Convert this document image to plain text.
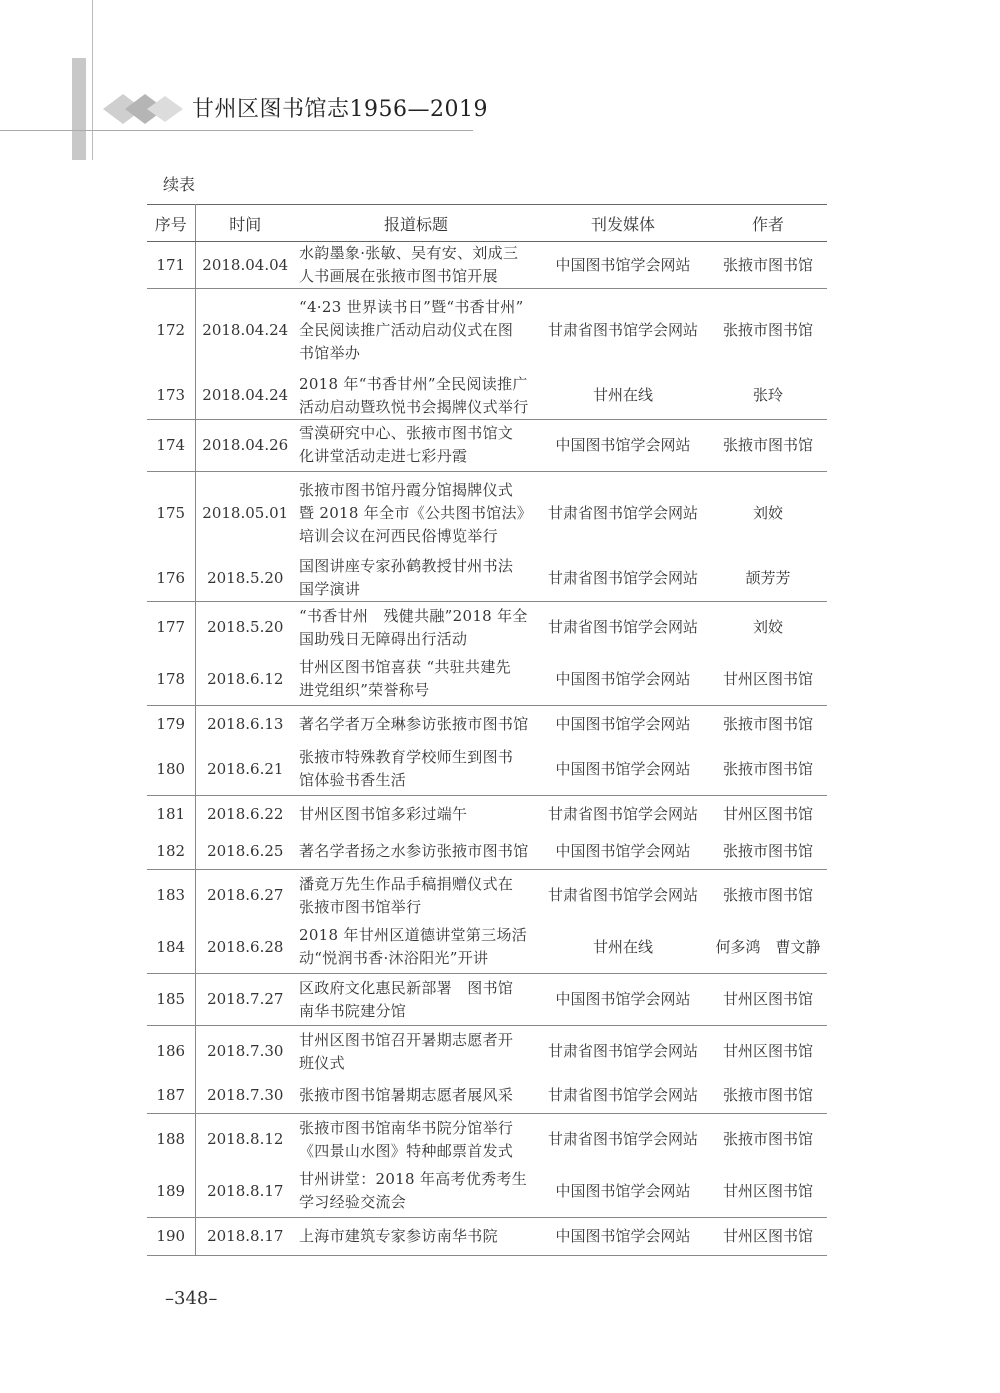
甘州区图书馆志1956—2019
续表
序号	时间	报道标题	刊发媒体	作者
171	2018.04.04	水韵墨象·张敏、吴有安、刘成三
人书画展在张掖市图书馆开展	中国图书馆学会网站	张掖市图书馆
172	2018.04.24	“4·23 世界读书日”暨“书香甘州”
全民阅读推广活动启动仪式在图
书馆举办	甘肃省图书馆学会网站	张掖市图书馆
173	2018.04.24	2018 年“书香甘州”全民阅读推广
活动启动暨玖悦书会揭牌仪式举行	甘州在线	张玲
174	2018.04.26	雪漠研究中心、张掖市图书馆文
化讲堂活动走进七彩丹霞	中国图书馆学会网站	张掖市图书馆
175	2018.05.01	张掖市图书馆丹霞分馆揭牌仪式
暨 2018 年全市《公共图书馆法》
培训会议在河西民俗博览举行	甘肃省图书馆学会网站	刘姣
176	2018.5.20	国图讲座专家孙鹤教授甘州书法
国学演讲	甘肃省图书馆学会网站	颉芳芳
177	2018.5.20	“书香甘州　残健共融”2018 年全
国助残日无障碍出行活动	甘肃省图书馆学会网站	刘姣
178	2018.6.12	甘州区图书馆喜获 “共驻共建先
进党组织”荣誉称号	中国图书馆学会网站	甘州区图书馆
179	2018.6.13	著名学者万全琳参访张掖市图书馆	中国图书馆学会网站	张掖市图书馆
180	2018.6.21	张掖市特殊教育学校师生到图书
馆体验书香生活	中国图书馆学会网站	张掖市图书馆
181	2018.6.22	甘州区图书馆多彩过端午	甘肃省图书馆学会网站	甘州区图书馆
182	2018.6.25	著名学者扬之水参访张掖市图书馆	中国图书馆学会网站	张掖市图书馆
183	2018.6.27	潘竟万先生作品手稿捐赠仪式在
张掖市图书馆举行	甘肃省图书馆学会网站	张掖市图书馆
184	2018.6.28	2018 年甘州区道德讲堂第三场活
动“悦润书香·沐浴阳光”开讲	甘州在线	何多鸿　曹文静
185	2018.7.27	区政府文化惠民新部署　图书馆
南华书院建分馆	中国图书馆学会网站	甘州区图书馆
186	2018.7.30	甘州区图书馆召开暑期志愿者开
班仪式	甘肃省图书馆学会网站	甘州区图书馆
187	2018.7.30	张掖市图书馆暑期志愿者展风采	甘肃省图书馆学会网站	张掖市图书馆
188	2018.8.12	张掖市图书馆南华书院分馆举行
《四景山水图》特种邮票首发式	甘肃省图书馆学会网站	张掖市图书馆
189	2018.8.17	甘州讲堂：2018 年高考优秀考生
学习经验交流会	中国图书馆学会网站	甘州区图书馆
190	2018.8.17	上海市建筑专家参访南华书院	中国图书馆学会网站	甘州区图书馆
–348–
